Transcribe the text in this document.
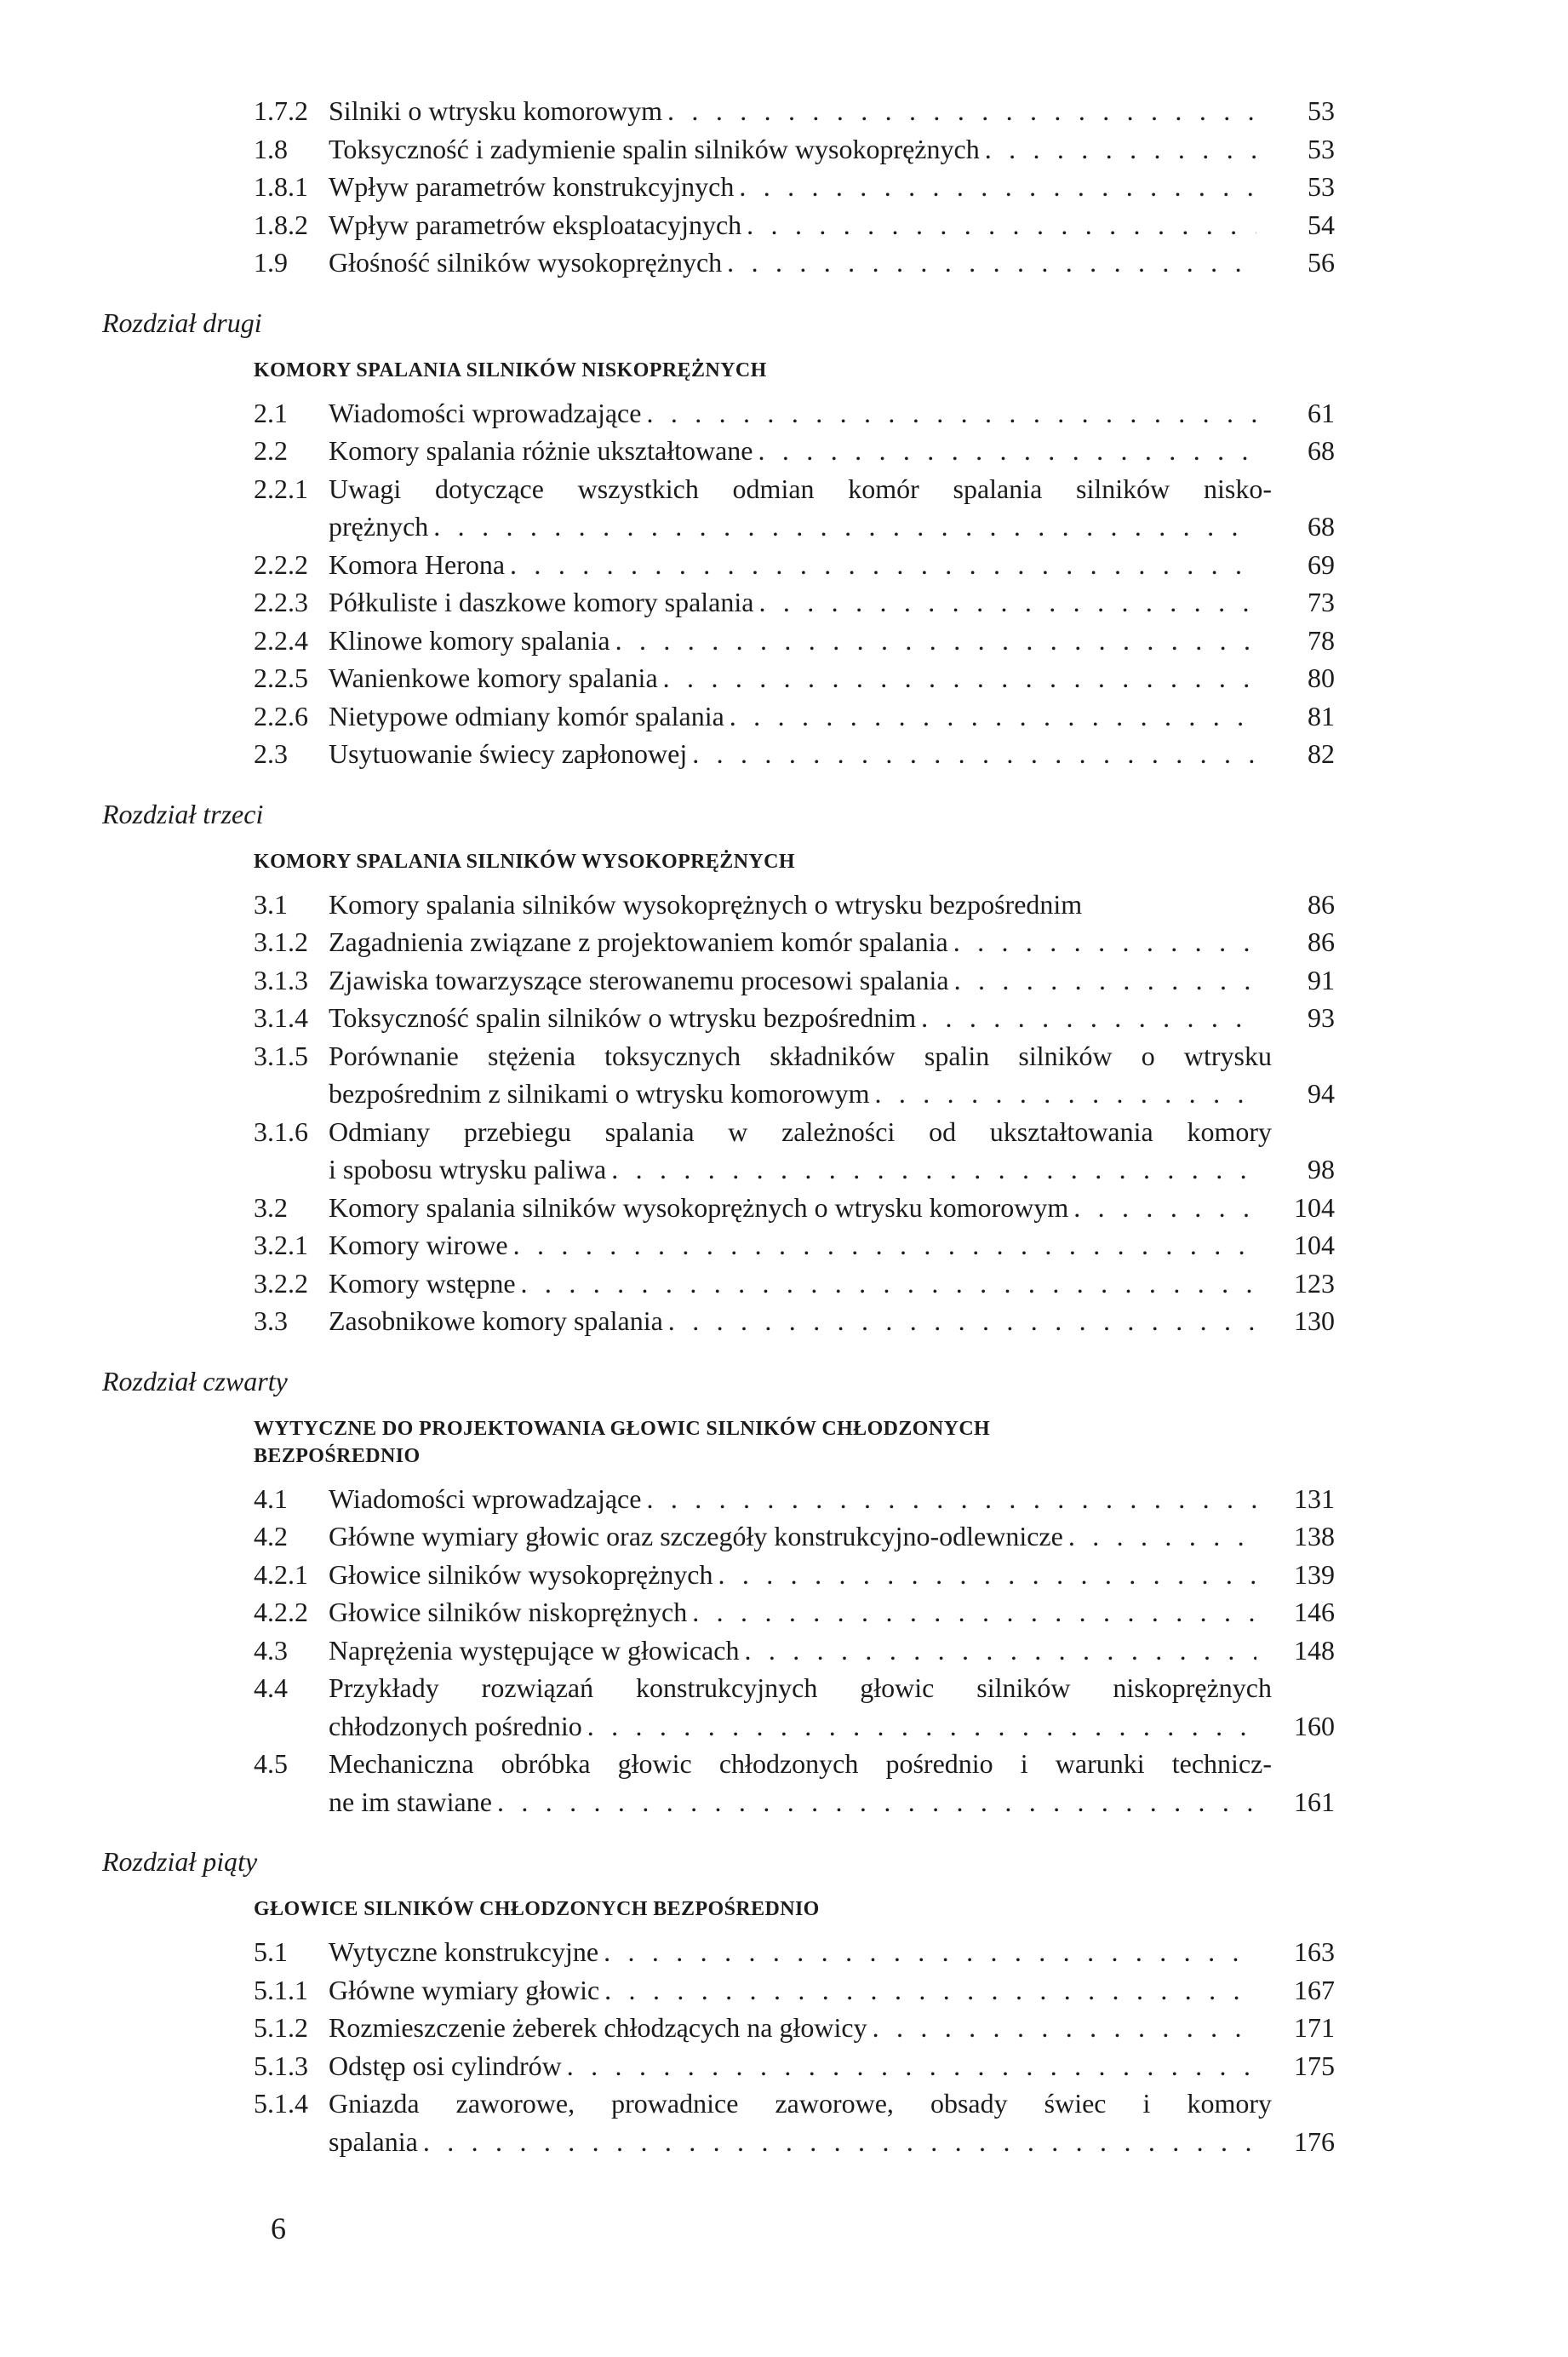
1.7.2 Silniki o wtrysku komorowym . . .	53
1.8	Toksyczność i zadymienie spalin silników wysokoprężnych . . .	53
1.8.1 Wpływ parametrów konstrukcyjnych . . .	53
1.8.2 Wpływ parametrów eksploatacyjnych . . .	54
1.9	Głośność silników wysokoprężnych . . .	56
Rozdział drugi
KOMORY SPALANIA SILNIKÓW NISKOPRĘŻNYCH
2.1	Wiadomości wprowadzające . . .	61
2.2	Komory spalania różnie ukształtowane . . .	68
2.2.1 Uwagi dotyczące wszystkich odmian komór spalania silników nisko-
prężnych . . .	68
2.2.2 Komora Herona . . .	69
2.2.3 Półkuliste i daszkowe komory spalania . . .	73
2.2.4 Klinowe komory spalania . . .	78
2.2.5 Wanienkowe komory spalania . . .	80
2.2.6 Nietypowe odmiany komór spalania . . .	81
2.3	Usytuowanie świecy zapłonowej . . .	82
Rozdział trzeci
KOMORY SPALANIA SILNIKÓW WYSOKOPRĘŻNYCH
3.1	Komory spalania silników wysokoprężnych o wtrysku bezpośrednim	86
3.1.2 Zagadnienia związane z projektowaniem komór spalania . . .	86
3.1.3 Zjawiska towarzyszące sterowanemu procesowi spalania . . .	91
3.1.4 Toksyczność spalin silników o wtrysku bezpośrednim . . .	93
3.1.5 Porównanie stężenia toksycznych składników spalin silników o wtrysku
bezpośrednim z silnikami o wtrysku komorowym . . .	94
3.1.6 Odmiany przebiegu spalania w zależności od ukształtowania komory
i spobosu wtrysku paliwa . . .	98
3.2	Komory spalania silników wysokoprężnych o wtrysku komorowym . . .	104
3.2.1 Komory wirowe . . .	104
3.2.2 Komory wstępne . . .	123
3.3	Zasobnikowe komory spalania . . .	130
Rozdział czwarty
WYTYCZNE DO PROJEKTOWANIA GŁOWIC SILNIKÓW CHŁODZONYCH
BEZPOŚREDNIO
4.1	Wiadomości wprowadzające . . .	131
4.2	Główne wymiary głowic oraz szczegóły konstrukcyjno-odlewnicze . . .	138
4.2.1 Głowice silników wysokoprężnych . . .	139
4.2.2 Głowice silników niskoprężnych . . .	146
4.3	Naprężenia występujące w głowicach . . .	148
4.4	Przykłady rozwiązań konstrukcyjnych głowic silników niskoprężnych
chłodzonych pośrednio . . .	160
4.5	Mechaniczna obróbka głowic chłodzonych pośrednio i warunki technicz-
ne im stawiane . . .	161
Rozdział piąty
GŁOWICE SILNIKÓW CHŁODZONYCH BEZPOŚREDNIO
5.1	Wytyczne konstrukcyjne . . .	163
5.1.1 Główne wymiary głowic . . .	167
5.1.2 Rozmieszczenie żeberek chłodzących na głowicy . . .	171
5.1.3 Odstęp osi cylindrów . . .	175
5.1.4 Gniazda zaworowe, prowadnice zaworowe, obsady świec i komory
spalania . . .	176
6
